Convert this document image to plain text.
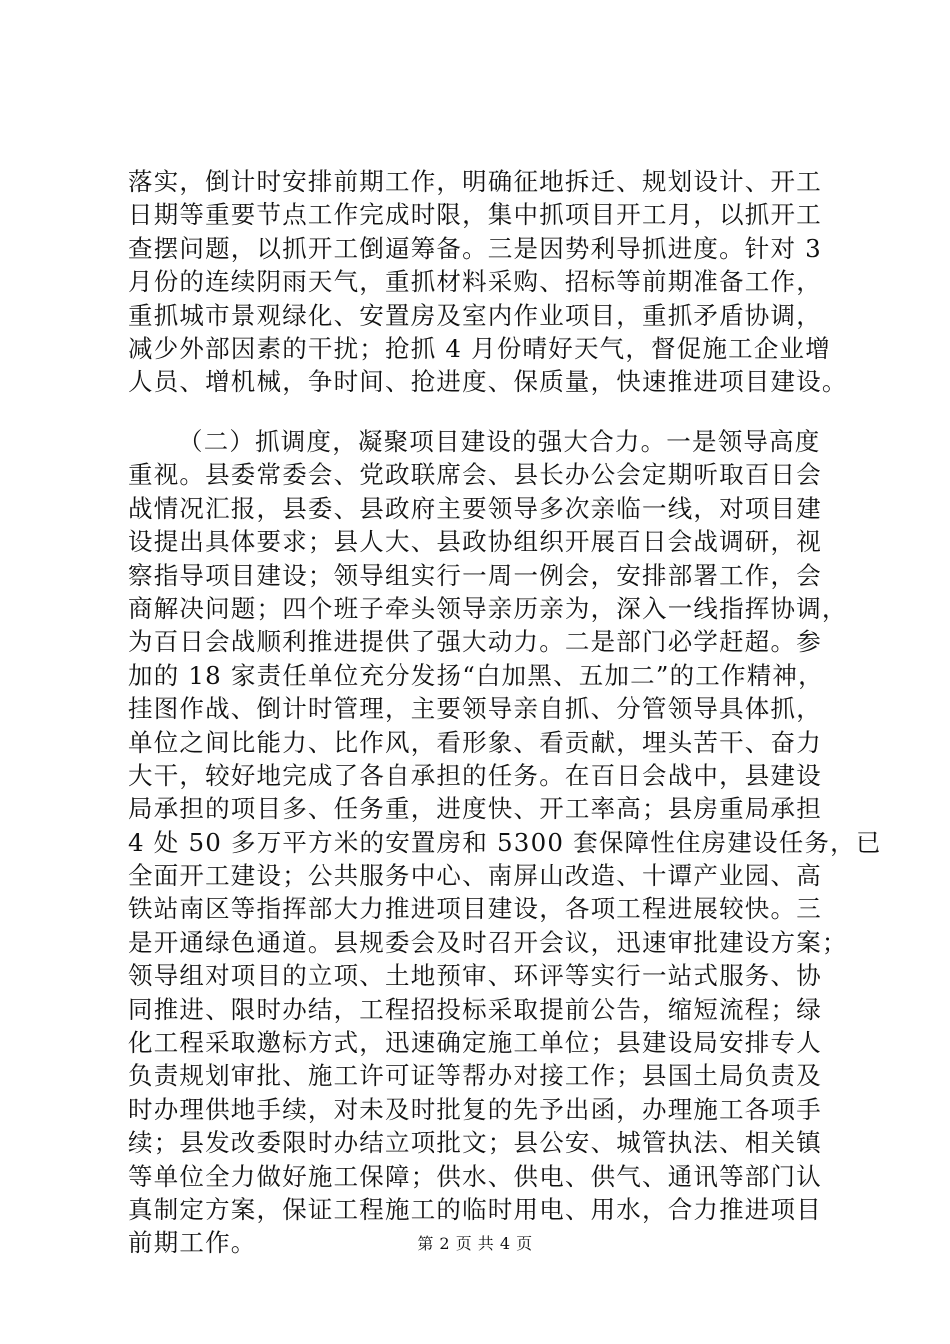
落实，倒计时安排前期工作，明确征地拆迁、规划设计、开工
日期等重要节点工作完成时限，集中抓项目开工月，以抓开工
查摆问题，以抓开工倒逼筹备。三是因势利导抓进度。针对 3
月份的连续阴雨天气，重抓材料采购、招标等前期准备工作，
重抓城市景观绿化、安置房及室内作业项目，重抓矛盾协调，
减少外部因素的干扰；抢抓 4 月份晴好天气，督促施工企业增
人员、增机械，争时间、抢进度、保质量，快速推进项目建设。
（二）抓调度，凝聚项目建设的强大合力。一是领导高度
重视。县委常委会、党政联席会、县长办公会定期听取百日会
战情况汇报，县委、县政府主要领导多次亲临一线，对项目建
设提出具体要求；县人大、县政协组织开展百日会战调研，视
察指导项目建设；领导组实行一周一例会，安排部署工作，会
商解决问题；四个班子牵头领导亲历亲为，深入一线指挥协调，
为百日会战顺利推进提供了强大动力。二是部门必学赶超。参
加的 18 家责任单位充分发扬“白加黑、五加二”的工作精神，
挂图作战、倒计时管理，主要领导亲自抓、分管领导具体抓，
单位之间比能力、比作风，看形象、看贡献，埋头苦干、奋力
大干，较好地完成了各自承担的任务。在百日会战中，县建设
局承担的项目多、任务重，进度快、开工率高；县房重局承担
4 处 50 多万平方米的安置房和 5300 套保障性住房建设任务，已
全面开工建设；公共服务中心、南屏山改造、十谭产业园、高
铁站南区等指挥部大力推进项目建设，各项工程进展较快。三
是开通绿色通道。县规委会及时召开会议，迅速审批建设方案；
领导组对项目的立项、土地预审、环评等实行一站式服务、协
同推进、限时办结，工程招投标采取提前公告，缩短流程；绿
化工程采取邀标方式，迅速确定施工单位；县建设局安排专人
负责规划审批、施工许可证等帮办对接工作；县国土局负责及
时办理供地手续，对未及时批复的先予出函，办理施工各项手
续；县发改委限时办结立项批文；县公安、城管执法、相关镇
等单位全力做好施工保障；供水、供电、供气、通讯等部门认
真制定方案，保证工程施工的临时用电、用水，合力推进项目
前期工作。	第 2 页 共 4 页
